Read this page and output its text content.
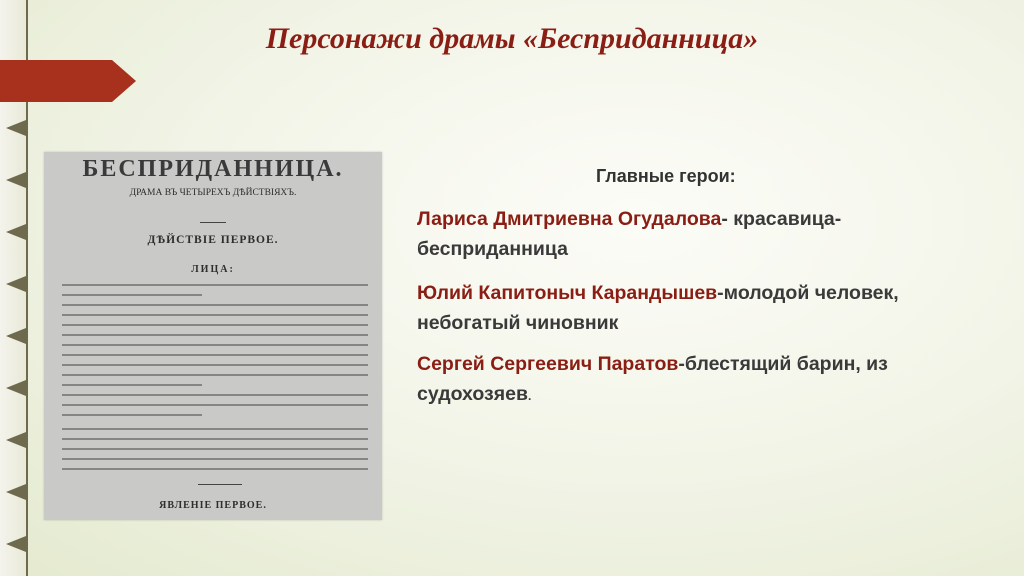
Персонажи драмы «Бесприданница»
БЕСПРИДАННИЦА.
ДРАМА ВЪ ЧЕТЫРЕХЪ ДѢЙСТВIЯХЪ.
ДѢЙСТВIЕ ПЕРВОЕ.
ЛИЦА:
ЯВЛЕНIЕ ПЕРВОЕ.
Главные герои:

Лариса Дмитриевна Огудалова- красавица-бесприданница

Юлий Капитоныч Карандышев-молодой человек, небогатый чиновник

Сергей Сергеевич Паратов-блестящий барин, из судохозяев.
